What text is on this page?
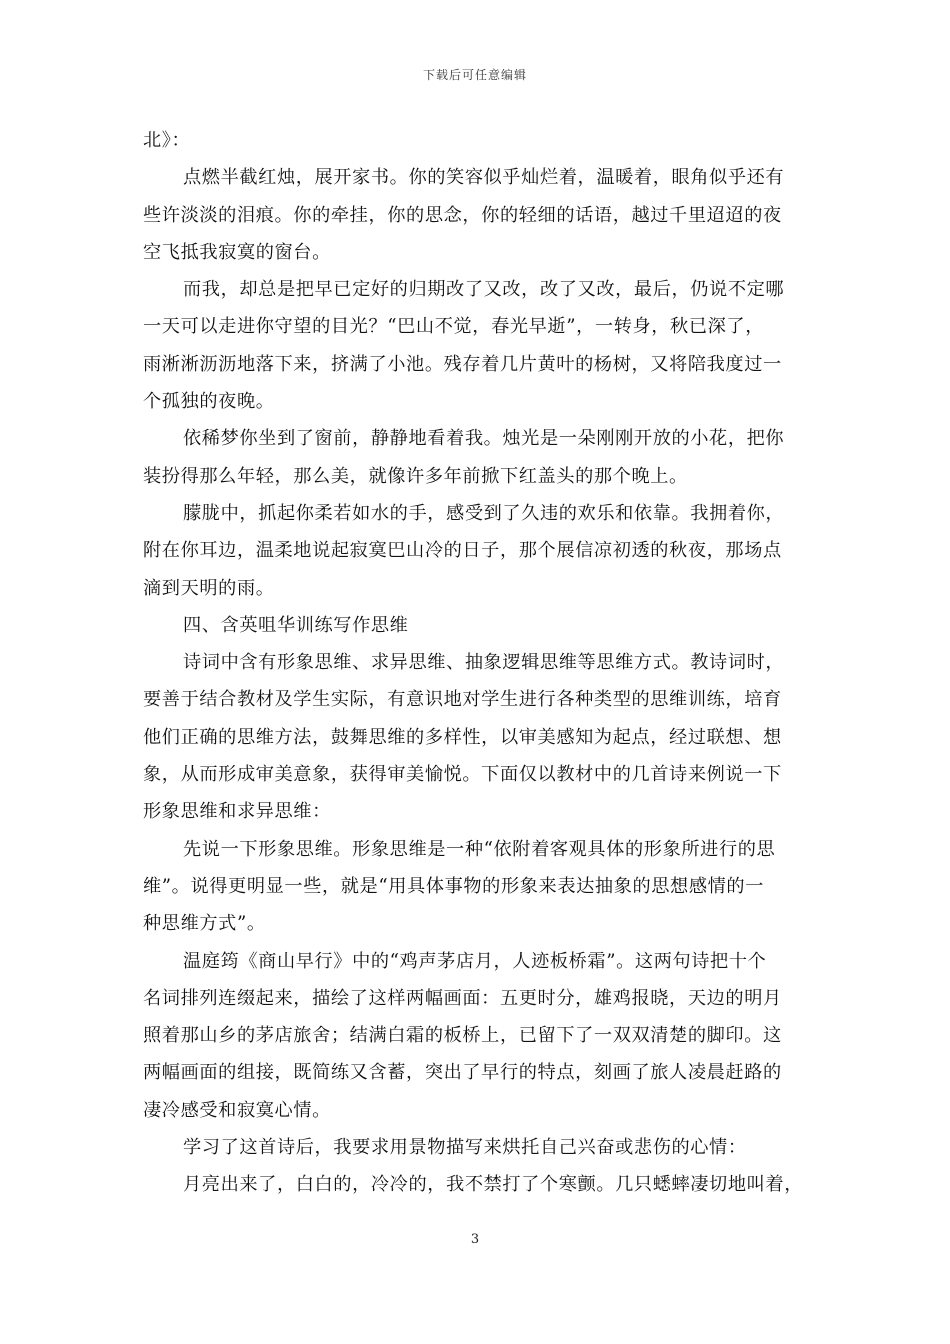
下载后可任意编辑
北》：
点燃半截红烛，展开家书。你的笑容似乎灿烂着，温暖着，眼角似乎还有
些许淡淡的泪痕。你的牵挂，你的思念，你的轻细的话语，越过千里迢迢的夜
空飞抵我寂寞的窗台。
而我，却总是把早已定好的归期改了又改，改了又改，最后，仍说不定哪
一天可以走进你守望的目光？“巴山不觉，春光早逝”，一转身，秋已深了，
雨淅淅沥沥地落下来，挤满了小池。残存着几片黄叶的杨树，又将陪我度过一
个孤独的夜晚。
依稀梦你坐到了窗前，静静地看着我。烛光是一朵刚刚开放的小花，把你
装扮得那么年轻，那么美，就像许多年前掀下红盖头的那个晚上。
朦胧中，抓起你柔若如水的手，感受到了久违的欢乐和依靠。我拥着你，
附在你耳边，温柔地说起寂寞巴山冷的日子，那个展信凉初透的秋夜，那场点
滴到天明的雨。
四、含英咀华训练写作思维
诗词中含有形象思维、求异思维、抽象逻辑思维等思维方式。教诗词时，
要善于结合教材及学生实际，有意识地对学生进行各种类型的思维训练，培育
他们正确的思维方法，鼓舞思维的多样性，以审美感知为起点，经过联想、想
象，从而形成审美意象，获得审美愉悦。下面仅以教材中的几首诗来例说一下
形象思维和求异思维：
先说一下形象思维。形象思维是一种“依附着客观具体的形象所进行的思
维”。说得更明显一些，就是“用具体事物的形象来表达抽象的思想感情的一
种思维方式”。
温庭筠《商山早行》中的“鸡声茅店月，人迹板桥霜”。这两句诗把十个
名词排列连缀起来，描绘了这样两幅画面：五更时分，雄鸡报晓，天边的明月
照着那山乡的茅店旅舍；结满白霜的板桥上，已留下了一双双清楚的脚印。这
两幅画面的组接，既简练又含蓄，突出了早行的特点，刻画了旅人凌晨赶路的
凄冷感受和寂寞心情。
学习了这首诗后，我要求用景物描写来烘托自己兴奋或悲伤的心情：
月亮出来了，白白的，冷冷的，我不禁打了个寒颤。几只蟋蟀凄切地叫着，
3
